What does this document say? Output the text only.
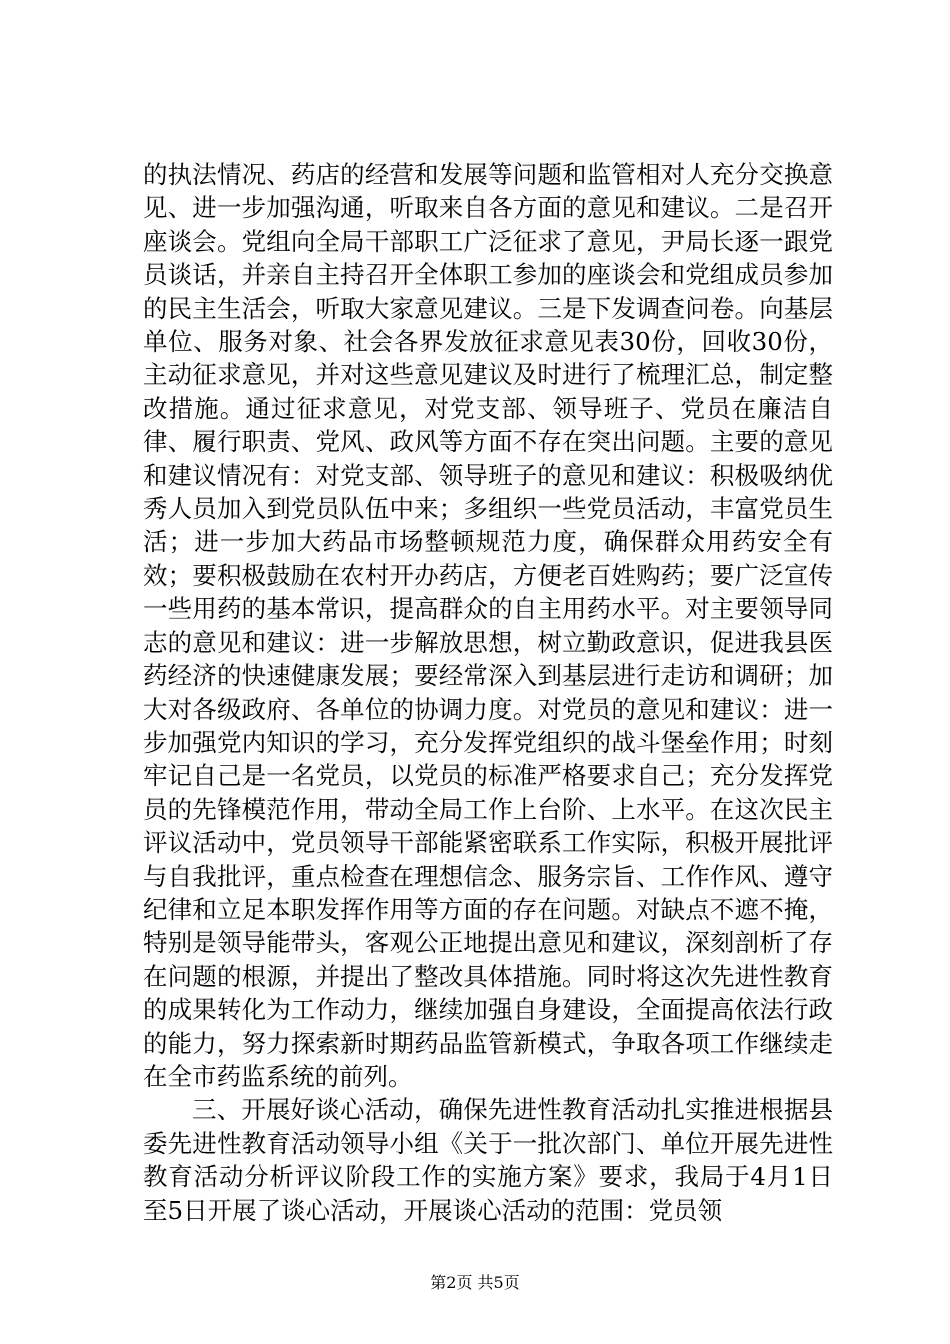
的执法情况、药店的经营和发展等问题和监管相对人充分交换意见、进一步加强沟通，听取来自各方面的意见和建议。二是召开座谈会。党组向全局干部职工广泛征求了意见，尹局长逐一跟党员谈话，并亲自主持召开全体职工参加的座谈会和党组成员参加的民主生活会，听取大家意见建议。三是下发调查问卷。向基层单位、服务对象、社会各界发放征求意见表30份，回收30份，主动征求意见，并对这些意见建议及时进行了梳理汇总，制定整改措施。通过征求意见，对党支部、领导班子、党员在廉洁自律、履行职责、党风、政风等方面不存在突出问题。主要的意见和建议情况有：对党支部、领导班子的意见和建议：积极吸纳优秀人员加入到党员队伍中来；多组织一些党员活动，丰富党员生活；进一步加大药品市场整顿规范力度，确保群众用药安全有效；要积极鼓励在农村开办药店，方便老百姓购药；要广泛宣传一些用药的基本常识，提高群众的自主用药水平。对主要领导同志的意见和建议：进一步解放思想，树立勤政意识，促进我县医药经济的快速健康发展；要经常深入到基层进行走访和调研；加大对各级政府、各单位的协调力度。对党员的意见和建议：进一步加强党内知识的学习，充分发挥党组织的战斗堡垒作用；时刻牢记自己是一名党员，以党员的标准严格要求自己；充分发挥党员的先锋模范作用，带动全局工作上台阶、上水平。在这次民主评议活动中，党员领导干部能紧密联系工作实际，积极开展批评与自我批评，重点检查在理想信念、服务宗旨、工作作风、遵守纪律和立足本职发挥作用等方面的存在问题。对缺点不遮不掩，特别是领导能带头，客观公正地提出意见和建议，深刻剖析了存在问题的根源，并提出了整改具体措施。同时将这次先进性教育的成果转化为工作动力，继续加强自身建设，全面提高依法行政的能力，努力探索新时期药品监管新模式，争取各项工作继续走在全市药监系统的前列。

三、开展好谈心活动，确保先进性教育活动扎实推进根据县委先进性教育活动领导小组《关于一批次部门、单位开展先进性教育活动分析评议阶段工作的实施方案》要求，我局于4月1日至5日开展了谈心活动，开展谈心活动的范围：党员领

第2页 共5页
